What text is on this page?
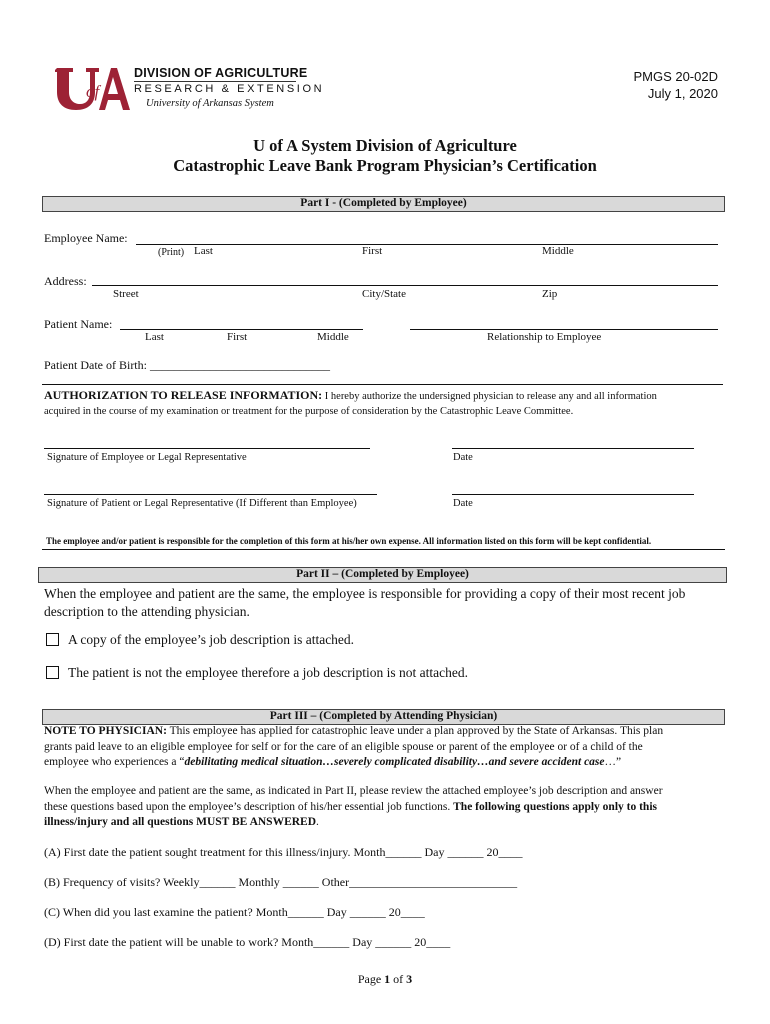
of
DIVISION OF AGRICULTURE
RESEARCH & EXTENSION
University of Arkansas System
PMGS 20-02D
July 1, 2020
U of A System Division of Agriculture
Catastrophic Leave Bank Program Physician’s Certification
Part I - (Completed by Employee)
Employee Name:
(Print) Last	First	Middle
Address:
Street	City/State	Zip
Patient Name:
Last	First	Middle	Relationship to Employee
Patient Date of Birth: ______________________________
AUTHORIZATION TO RELEASE INFORMATION: I hereby authorize the undersigned physician to release any and all information
acquired in the course of my examination or treatment for the purpose of consideration by the Catastrophic Leave Committee.
Signature of Employee or Legal Representative	Date
Signature of Patient or Legal Representative (If Different than Employee)	Date
The employee and/or patient is responsible for the completion of this form at his/her own expense. All information listed on this form will be kept confidential.
Part II – (Completed by Employee)
When the employee and patient are the same, the employee is responsible for providing a copy of their most recent job
description to the attending physician.
A copy of the employee’s job description is attached.
The patient is not the employee therefore a job description is not attached.
Part III – (Completed by Attending Physician)
NOTE TO PHYSICIAN: This employee has applied for catastrophic leave under a plan approved by the State of Arkansas. This plan
grants paid leave to an eligible employee for self or for the care of an eligible spouse or parent of the employee or of a child of the
employee who experiences a “debilitating medical situation…severely complicated disability…and severe accident case…”
When the employee and patient are the same, as indicated in Part II, please review the attached employee’s job description and answer
these questions based upon the employee’s description of his/her essential job functions. The following questions apply only to this
illness/injury and all questions MUST BE ANSWERED.
(A) First date the patient sought treatment for this illness/injury. Month______ Day ______ 20____
(B) Frequency of visits? Weekly______ Monthly ______ Other____________________________
(C) When did you last examine the patient? Month______ Day ______ 20____
(D) First date the patient will be unable to work? Month______ Day ______ 20____
Page 1 of 3
